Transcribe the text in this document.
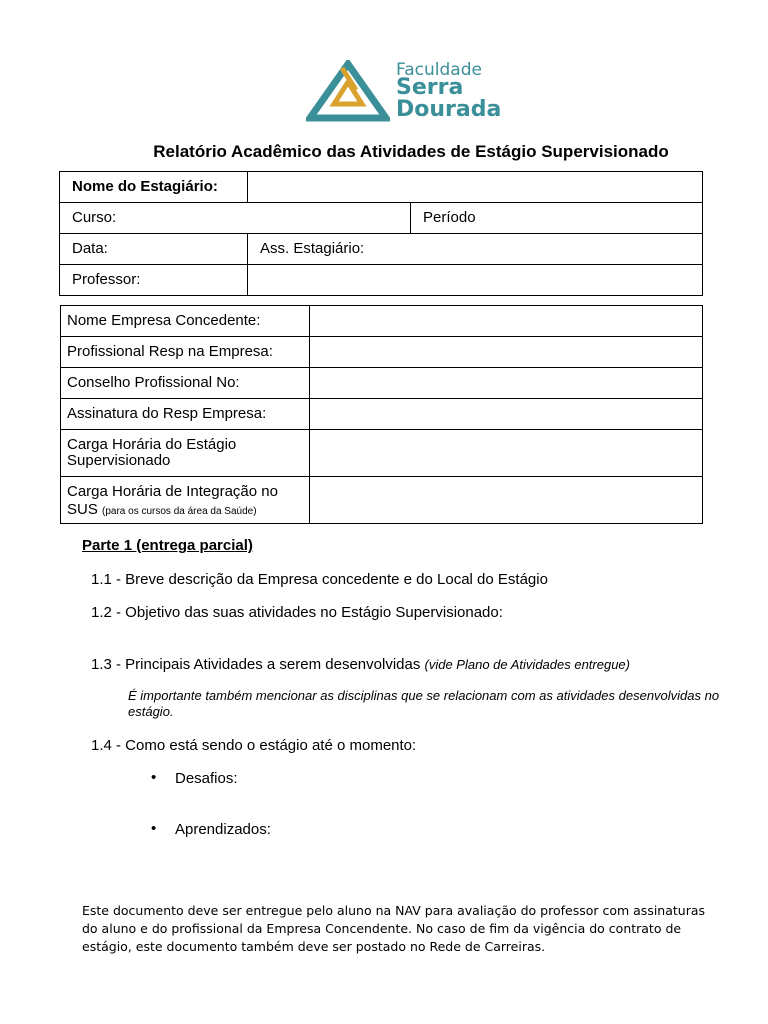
Faculdade
Serra
Dourada
Relatório Acadêmico das Atividades de Estágio Supervisionado
Nome do Estagiário:		
Curso:		Período
Data:	Ass. Estagiário:	
Professor:		
Nome Empresa Concedente:	
Profissional Resp na Empresa:	
Conselho Profissional No:	
Assinatura do Resp Empresa:	
Carga Horária do Estágio Supervisionado	
Carga Horária de Integração no SUS (para os cursos da área da Saúde)	
Parte 1 (entrega parcial)
1.1 - Breve descrição da Empresa concedente e do Local do Estágio
1.2 - Objetivo das suas atividades no Estágio Supervisionado:
1.3 - Principais Atividades a serem desenvolvidas (vide Plano de Atividades entregue)
É importante também mencionar as disciplinas que se relacionam com as atividades desenvolvidas no estágio.
1.4 - Como está sendo o estágio até o momento:
• Desafios:
• Aprendizados:
Este documento deve ser entregue pelo aluno na NAV para avaliação do professor com assinaturas do aluno e do profissional da Empresa Concendente. No caso de fim da vigência do contrato de estágio, este documento também deve ser postado no Rede de Carreiras.
